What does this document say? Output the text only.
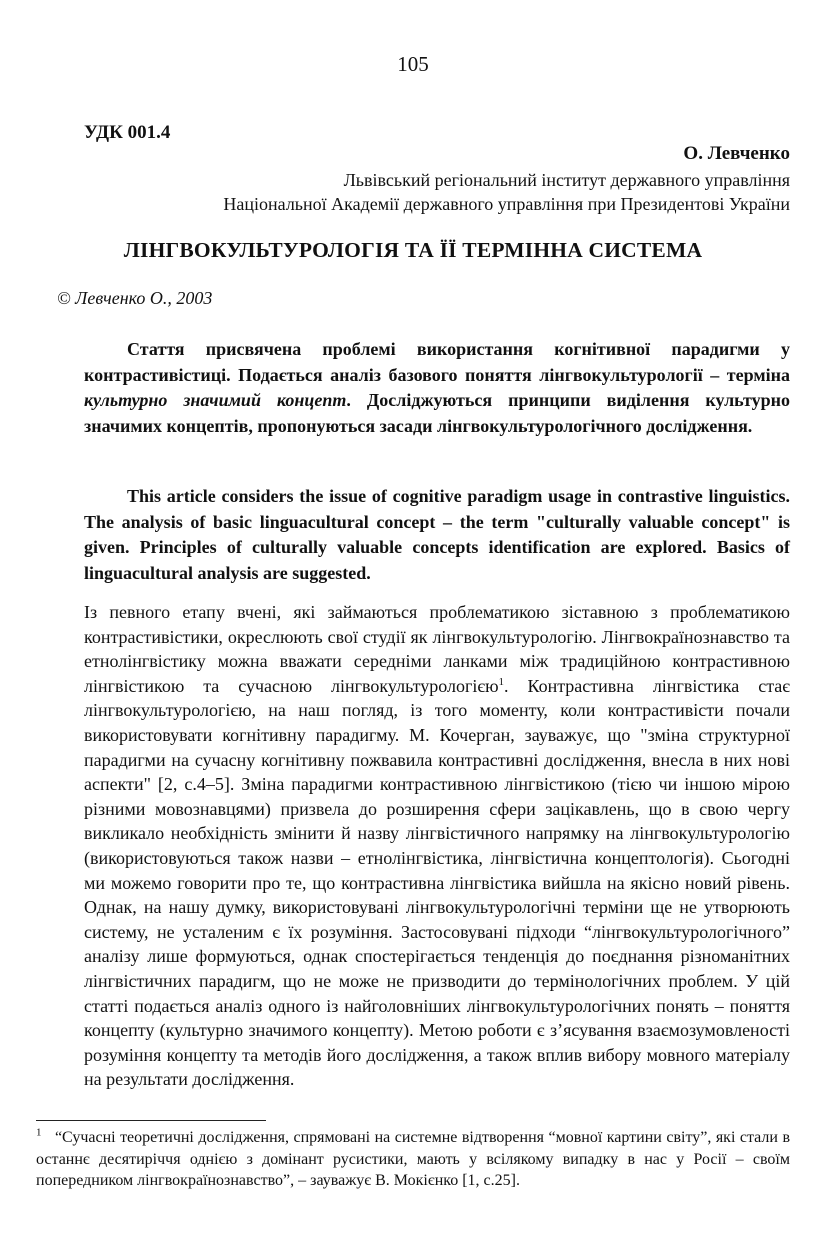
105
УДК 001.4
О. Левченко
Львівський регіональний інститут державного управління
Національної Академії державного управління при Президентові України
ЛІНГВОКУЛЬТУРОЛОГІЯ ТА ЇЇ ТЕРМІННА СИСТЕМА
© Левченко О., 2003
Стаття присвячена проблемі використання когнітивної парадигми у контрастивістиці. Подається аналіз базового поняття лінгвокультурології – терміна культурно значимий концепт. Досліджуються принципи виділення культурно значимих концептів, пропонуються засади лінгвокультурологічного дослідження.
This article considers the issue of cognitive paradigm usage in contrastive linguistics. The analysis of basic linguacultural concept – the term "culturally valuable concept" is given. Principles of culturally valuable concepts identification are explored. Basics of linguacultural analysis are suggested.
Із певного етапу вчені, які займаються проблематикою зіставною з проблематикою контрастивістики, окреслюють свої студії як лінгвокультурологію. Лінгвокраїнознавство та етнолінгвістику можна вважати середніми ланками між традиційною контрастивною лінгвістикою та сучасною лінгвокультурологією$^1$. Контрастивна лінгвістика стає лінгвокультурологією, на наш погляд, із того моменту, коли контрастивісти почали використовувати когнітивну парадигму. М. Кочерган, зауважує, що "зміна структурної парадигми на сучасну когнітивну пожвавила контрастивні дослідження, внесла в них нові аспекти" [2, с.4–5]. Зміна парадигми контрастивною лінгвістикою (тією чи іншою мірою різними мовознавцями) призвела до розширення сфери зацікавлень, що в свою чергу викликало необхідність змінити й назву лінгвістичного напрямку на лінгвокультурологію (використовуються також назви – етнолінгвістика, лінгвістична концептологія). Сьогодні ми можемо говорити про те, що контрастивна лінгвістика вийшла на якісно новий рівень. Однак, на нашу думку, використовувані лінгвокультурологічні терміни ще не утворюють систему, не усталеним є їх розуміння. Застосовувані підходи “лінгвокультурологічного” аналізу лише формуються, однак спостерігається тенденція до поєднання різноманітних лінгвістичних парадигм, що не може не призводити до термінологічних проблем. У цій статті подається аналіз одного із найголовніших лінгвокультурологічних понять – поняття концепту (культурно значимого концепту). Метою роботи є з’ясування взаємозумовленості розуміння концепту та методів його дослідження, а також вплив вибору мовного матеріалу на результати дослідження.
$^1$ “Сучасні теоретичні дослідження, спрямовані на системне відтворення “мовної картини світу”, які стали в останнє десятиріччя однією з домінант русистики, мають у всілякому випадку в нас у Росії – своїм попередником лінгвокраїнознавство”, – зауважує В. Мокієнко [1, с.25].
